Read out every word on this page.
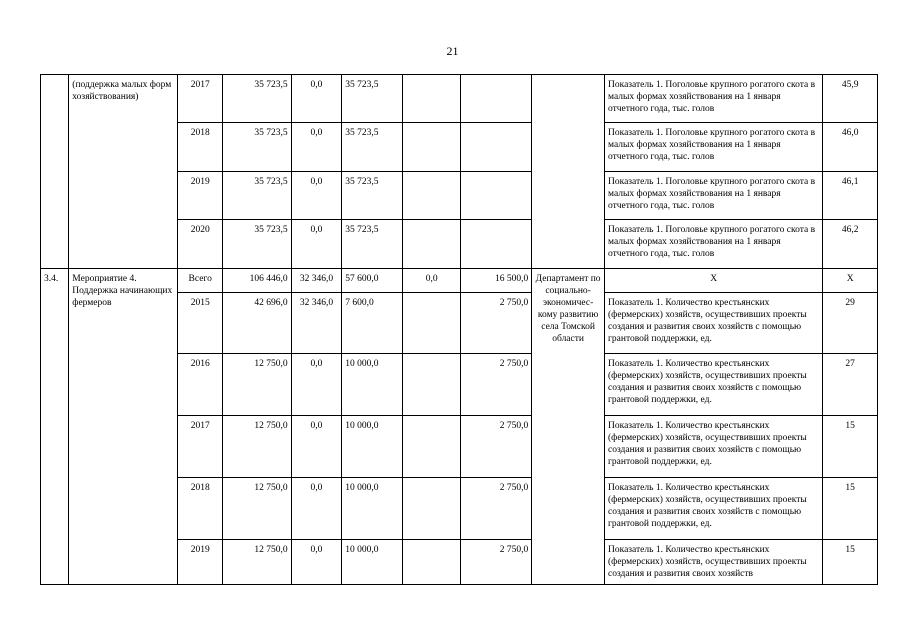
21
	(поддержка малых форм хозяйствования)	2017	35 723,5	0,0	35 723,5				Показатель 1. Поголовье крупного рогатого скота в малых формах хозяйствования на 1 января отчетного года, тыс. голов	45,9
		2018	35 723,5	0,0	35 723,5				Показатель 1. Поголовье крупного рогатого скота в малых формах хозяйствования на 1 января отчетного года, тыс. голов	46,0
		2019	35 723,5	0,0	35 723,5				Показатель 1. Поголовье крупного рогатого скота в малых формах хозяйствования на 1 января отчетного года, тыс. голов	46,1
		2020	35 723,5	0,0	35 723,5				Показатель 1. Поголовье крупного рогатого скота в малых формах хозяйствования на 1 января отчетного года, тыс. голов	46,2
3.4.	Мероприятие 4. Поддержка начинающих фермеров	Всего	106 446,0	32 346,0	57 600,0	0,0	16 500,0	Департамент по социально-экономичес-кому развитию села Томской области	Х	Х
		2015	42 696,0	32 346,0	7 600,0		2 750,0		Показатель 1. Количество крестьянских (фермерских) хозяйств, осуществивших проекты создания и развития своих хозяйств с помощью грантовой поддержки, ед.	29
		2016	12 750,0	0,0	10 000,0		2 750,0		Показатель 1. Количество крестьянских (фермерских) хозяйств, осуществивших проекты создания и развития своих хозяйств с помощью грантовой поддержки, ед.	27
		2017	12 750,0	0,0	10 000,0		2 750,0		Показатель 1. Количество крестьянских (фермерских) хозяйств, осуществивших проекты создания и развития своих хозяйств с помощью грантовой поддержки, ед.	15
		2018	12 750,0	0,0	10 000,0		2 750,0		Показатель 1. Количество крестьянских (фермерских) хозяйств, осуществивших проекты создания и развития своих хозяйств с помощью грантовой поддержки, ед.	15
		2019	12 750,0	0,0	10 000,0		2 750,0		Показатель 1. Количество крестьянских (фермерских) хозяйств, осуществивших проекты создания и развития своих хозяйств	15
